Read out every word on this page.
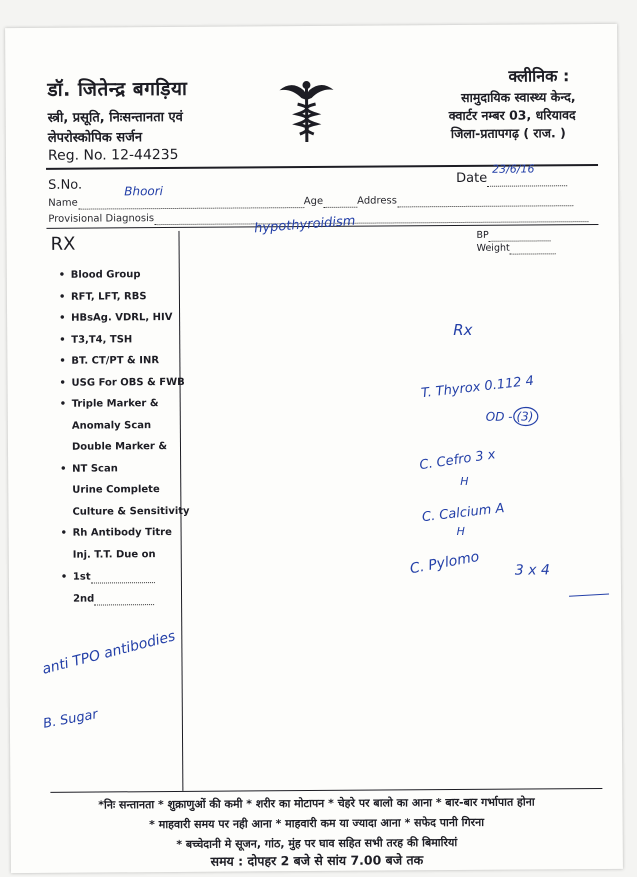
डॉ. जितेन्द्र बगड़िया
स्त्री, प्रसूति, निःसन्तानता एवं
लेपरोस्कोपिक सर्जन
Reg. No. 12-44235
क्लीनिक :
सामुदायिक स्वास्थ्य केन्द,
क्वार्टर नम्बर 03, धरियावद
जिला-प्रतापगढ़ ( राज. )
S.No.	Date
Name	Age	Address
Provisional Diagnosis
RX	BP
Weight
• Blood Group
• RFT, LFT, RBS
• HBsAg. VDRL, HIV
• T3,T4, TSH
• BT. CT/PT & INR
• USG For OBS & FWB
• Triple Marker &
Anomaly Scan
Double Marker &
• NT Scan
Urine Complete
Culture & Sensitivity
• Rh Antibody Titre
Inj. T.T. Due on
• 1st
2nd
*निः सन्तानता * शुक्राणुओं की कमी * शरीर का मोटापन * चेहरे पर बालो का आना * बार-बार गर्भापात होना
* माहवारी समय पर नही आना * माहवारी कम या ज्यादा आना * सफेद पानी गिरना
* बच्चेदानी मे सूजन, गांठ, मुंह पर घाव सहित सभी तरह की बिमारियां
समय : दोपहर 2 बजे से सांय 7.00 बजे तक
Bhoori
23/6/16
hypothyroidism
Rx
T. Thyrox 0.112 4
OD - (3)
C. Cefro 3 x
H
C. Calcium A
H
C. Pylomo 3 x 4
anti TPO antibodies
B. Sugar
